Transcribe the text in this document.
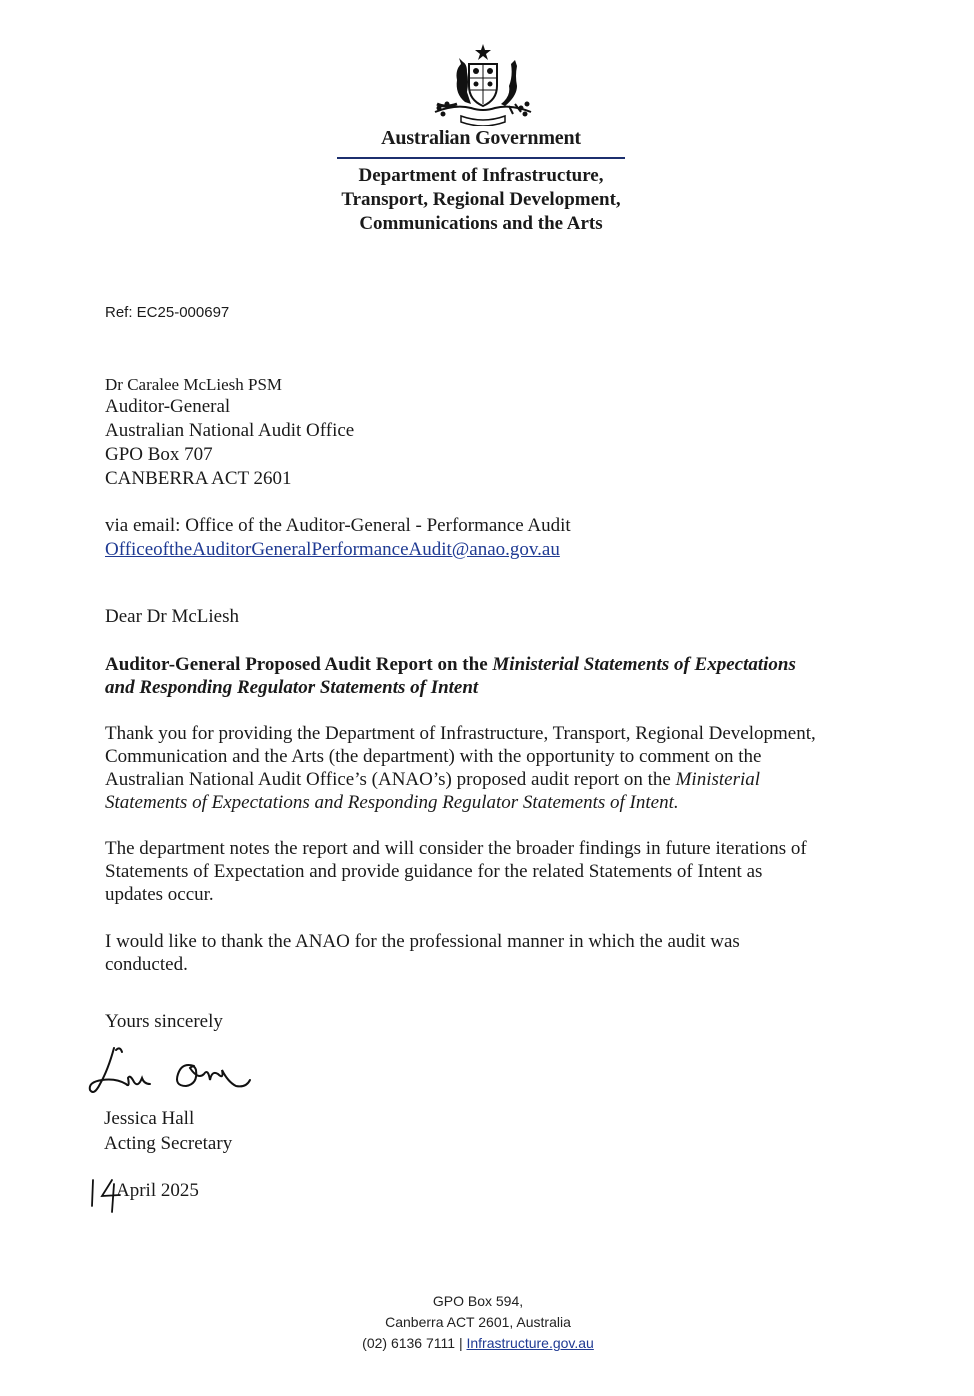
Australian Government
Department of Infrastructure,
Transport, Regional Development,
Communications and the Arts
Ref: EC25-000697
Dr Caralee McLiesh PSM
Auditor-General
Australian National Audit Office
GPO Box 707
CANBERRA ACT 2601
via email: Office of the Auditor-General - Performance Audit
OfficeoftheAuditorGeneralPerformanceAudit@anao.gov.au
Dear Dr McLiesh
Auditor-General Proposed Audit Report on the Ministerial Statements of Expectations
and Responding Regulator Statements of Intent
Thank you for providing the Department of Infrastructure, Transport, Regional Development,
Communication and the Arts (the department) with the opportunity to comment on the
Australian National Audit Office’s (ANAO’s) proposed audit report on the Ministerial
Statements of Expectations and Responding Regulator Statements of Intent.
The department notes the report and will consider the broader findings in future iterations of
Statements of Expectation and provide guidance for the related Statements of Intent as
updates occur.
I would like to thank the ANAO for the professional manner in which the audit was
conducted.
Yours sincerely
Jessica Hall
Acting Secretary
April 2025
GPO Box 594,
Canberra ACT 2601, Australia
(02) 6136 7111 | Infrastructure.gov.au
